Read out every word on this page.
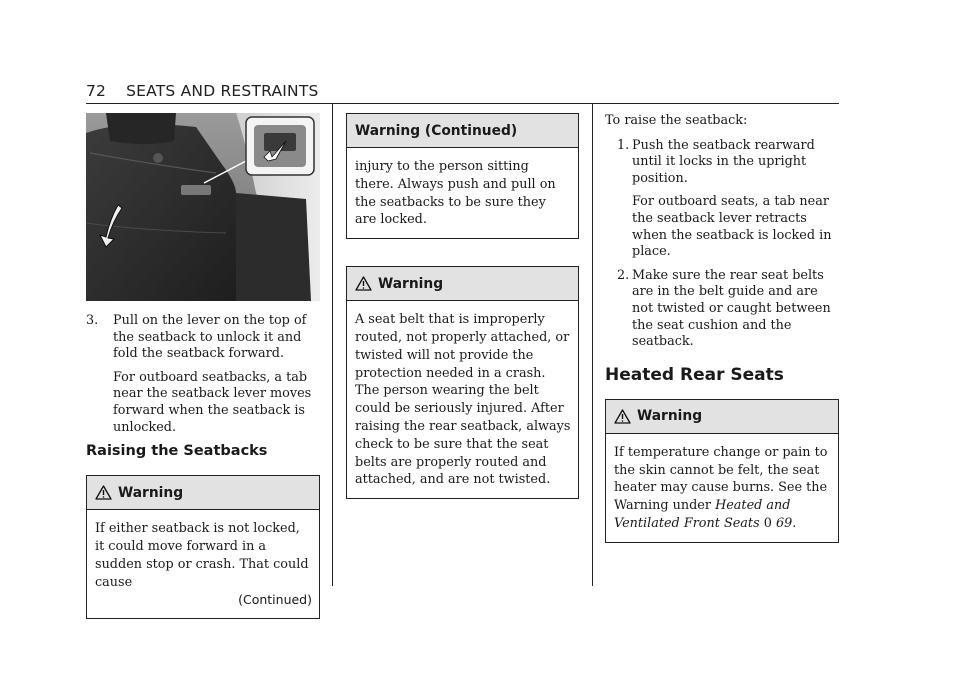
72 SEATS AND RESTRAINTS
3. Pull on the lever on the top of the seatback to unlock it and fold the seatback forward.

For outboard seatbacks, a tab near the seatback lever moves forward when the seatback is unlocked.

Raising the Seatbacks
Warning
If either seatback is not locked, it could move forward in a sudden stop or crash. That could cause
(Continued)
Warning (Continued)
injury to the person sitting there. Always push and pull on the seatbacks to be sure they are locked.
Warning
A seat belt that is improperly routed, not properly attached, or twisted will not provide the protection needed in a crash. The person wearing the belt could be seriously injured. After raising the rear seatback, always check to be sure that the seat belts are properly routed and attached, and are not twisted.
To raise the seatback:
1. Push the seatback rearward until it locks in the upright position.

For outboard seats, a tab near the seatback lever retracts when the seatback is locked in place.

2. Make sure the rear seat belts are in the belt guide and are not twisted or caught between the seat cushion and the seatback.

Heated Rear Seats
Warning
If temperature change or pain to the skin cannot be felt, the seat heater may cause burns. See the Warning under Heated and Ventilated Front Seats 0 69.
